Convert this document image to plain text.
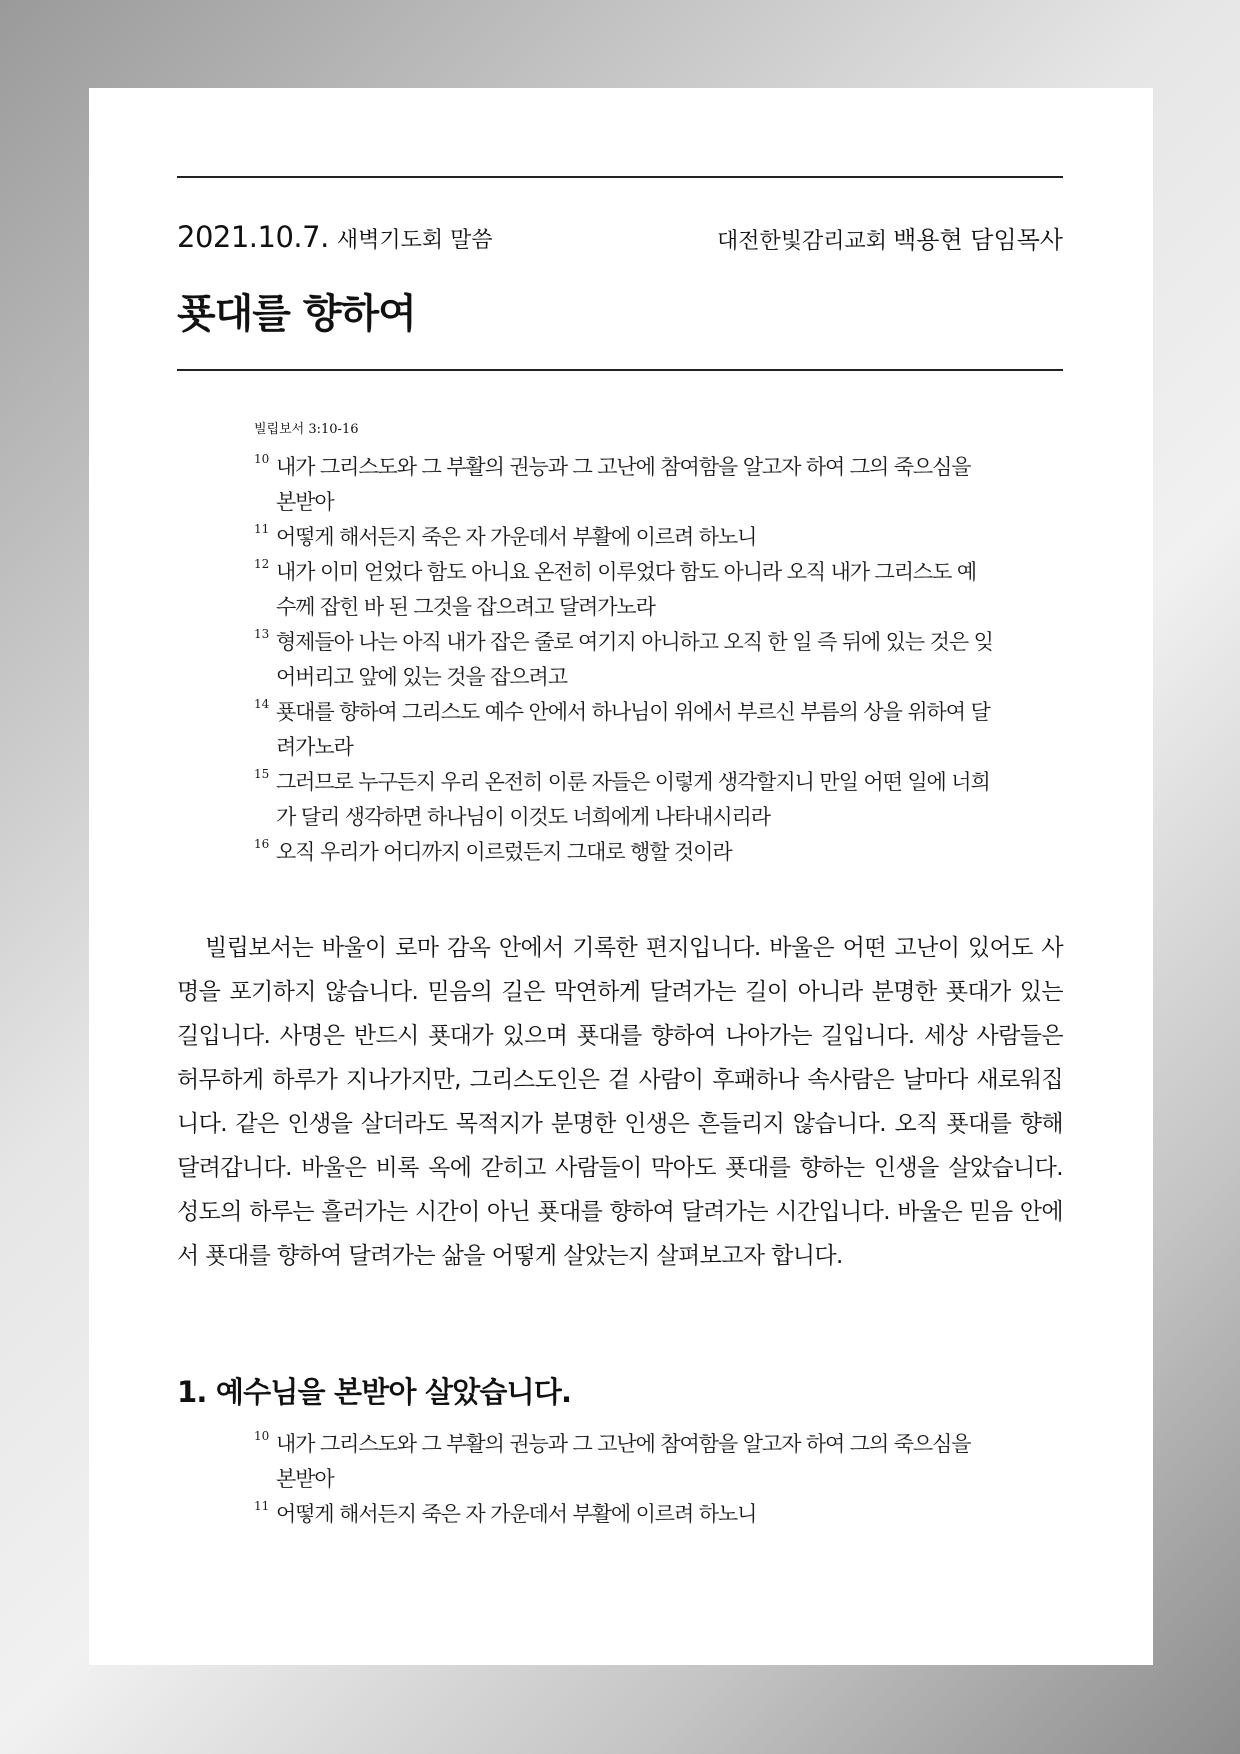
2021.10.7. 새벽기도회 말씀	대전한빛감리교회 백용현 담임목사
푯대를 향하여
빌립보서 3:10-16
10 내가 그리스도와 그 부활의 권능과 그 고난에 참여함을 알고자 하여 그의 죽으심을 본받아
11 어떻게 해서든지 죽은 자 가운데서 부활에 이르려 하노니
12 내가 이미 얻었다 함도 아니요 온전히 이루었다 함도 아니라 오직 내가 그리스도 예수께 잡힌 바 된 그것을 잡으려고 달려가노라
13 형제들아 나는 아직 내가 잡은 줄로 여기지 아니하고 오직 한 일 즉 뒤에 있는 것은 잊어버리고 앞에 있는 것을 잡으려고
14 푯대를 향하여 그리스도 예수 안에서 하나님이 위에서 부르신 부름의 상을 위하여 달려가노라
15 그러므로 누구든지 우리 온전히 이룬 자들은 이렇게 생각할지니 만일 어떤 일에 너희가 달리 생각하면 하나님이 이것도 너희에게 나타내시리라
16 오직 우리가 어디까지 이르렀든지 그대로 행할 것이라

빌립보서는 바울이 로마 감옥 안에서 기록한 편지입니다. 바울은 어떤 고난이 있어도 사명을 포기하지 않습니다. 믿음의 길은 막연하게 달려가는 길이 아니라 분명한 푯대가 있는 길입니다. 사명은 반드시 푯대가 있으며 푯대를 향하여 나아가는 길입니다. 세상 사람들은 허무하게 하루가 지나가지만, 그리스도인은 겉 사람이 후패하나 속사람은 날마다 새로워집니다. 같은 인생을 살더라도 목적지가 분명한 인생은 흔들리지 않습니다. 오직 푯대를 향해 달려갑니다. 바울은 비록 옥에 갇히고 사람들이 막아도 푯대를 향하는 인생을 살았습니다. 성도의 하루는 흘러가는 시간이 아닌 푯대를 향하여 달려가는 시간입니다. 바울은 믿음 안에서 푯대를 향하여 달려가는 삶을 어떻게 살았는지 살펴보고자 합니다.

1. 예수님을 본받아 살았습니다.
10 내가 그리스도와 그 부활의 권능과 그 고난에 참여함을 알고자 하여 그의 죽으심을 본받아
11 어떻게 해서든지 죽은 자 가운데서 부활에 이르려 하노니
